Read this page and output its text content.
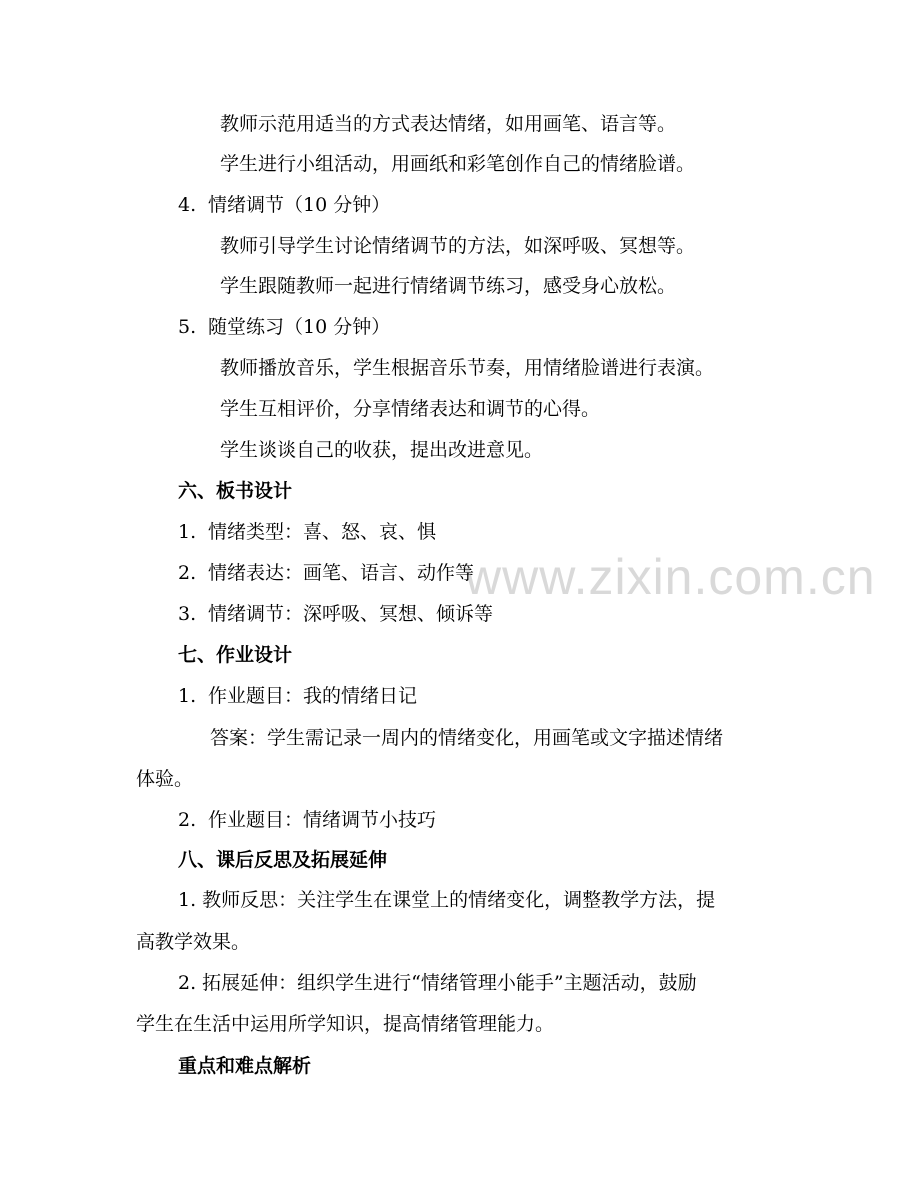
www.zixin.com.cn
教师示范用适当的方式表达情绪，如用画笔、语言等。
学生进行小组活动，用画纸和彩笔创作自己的情绪脸谱。
4. 情绪调节（10 分钟）
教师引导学生讨论情绪调节的方法，如深呼吸、冥想等。
学生跟随教师一起进行情绪调节练习，感受身心放松。
5. 随堂练习（10 分钟）
教师播放音乐，学生根据音乐节奏，用情绪脸谱进行表演。
学生互相评价，分享情绪表达和调节的心得。
学生谈谈自己的收获，提出改进意见。
六、板书设计
1. 情绪类型：喜、怒、哀、惧
2. 情绪表达：画笔、语言、动作等
3. 情绪调节：深呼吸、冥想、倾诉等
七、作业设计
1. 作业题目：我的情绪日记
答案：学生需记录一周内的情绪变化，用画笔或文字描述情绪
体验。
2. 作业题目：情绪调节小技巧
八、课后反思及拓展延伸
1. 教师反思：关注学生在课堂上的情绪变化，调整教学方法，提
高教学效果。
2. 拓展延伸：组织学生进行“情绪管理小能手”主题活动，鼓励
学生在生活中运用所学知识，提高情绪管理能力。
重点和难点解析
